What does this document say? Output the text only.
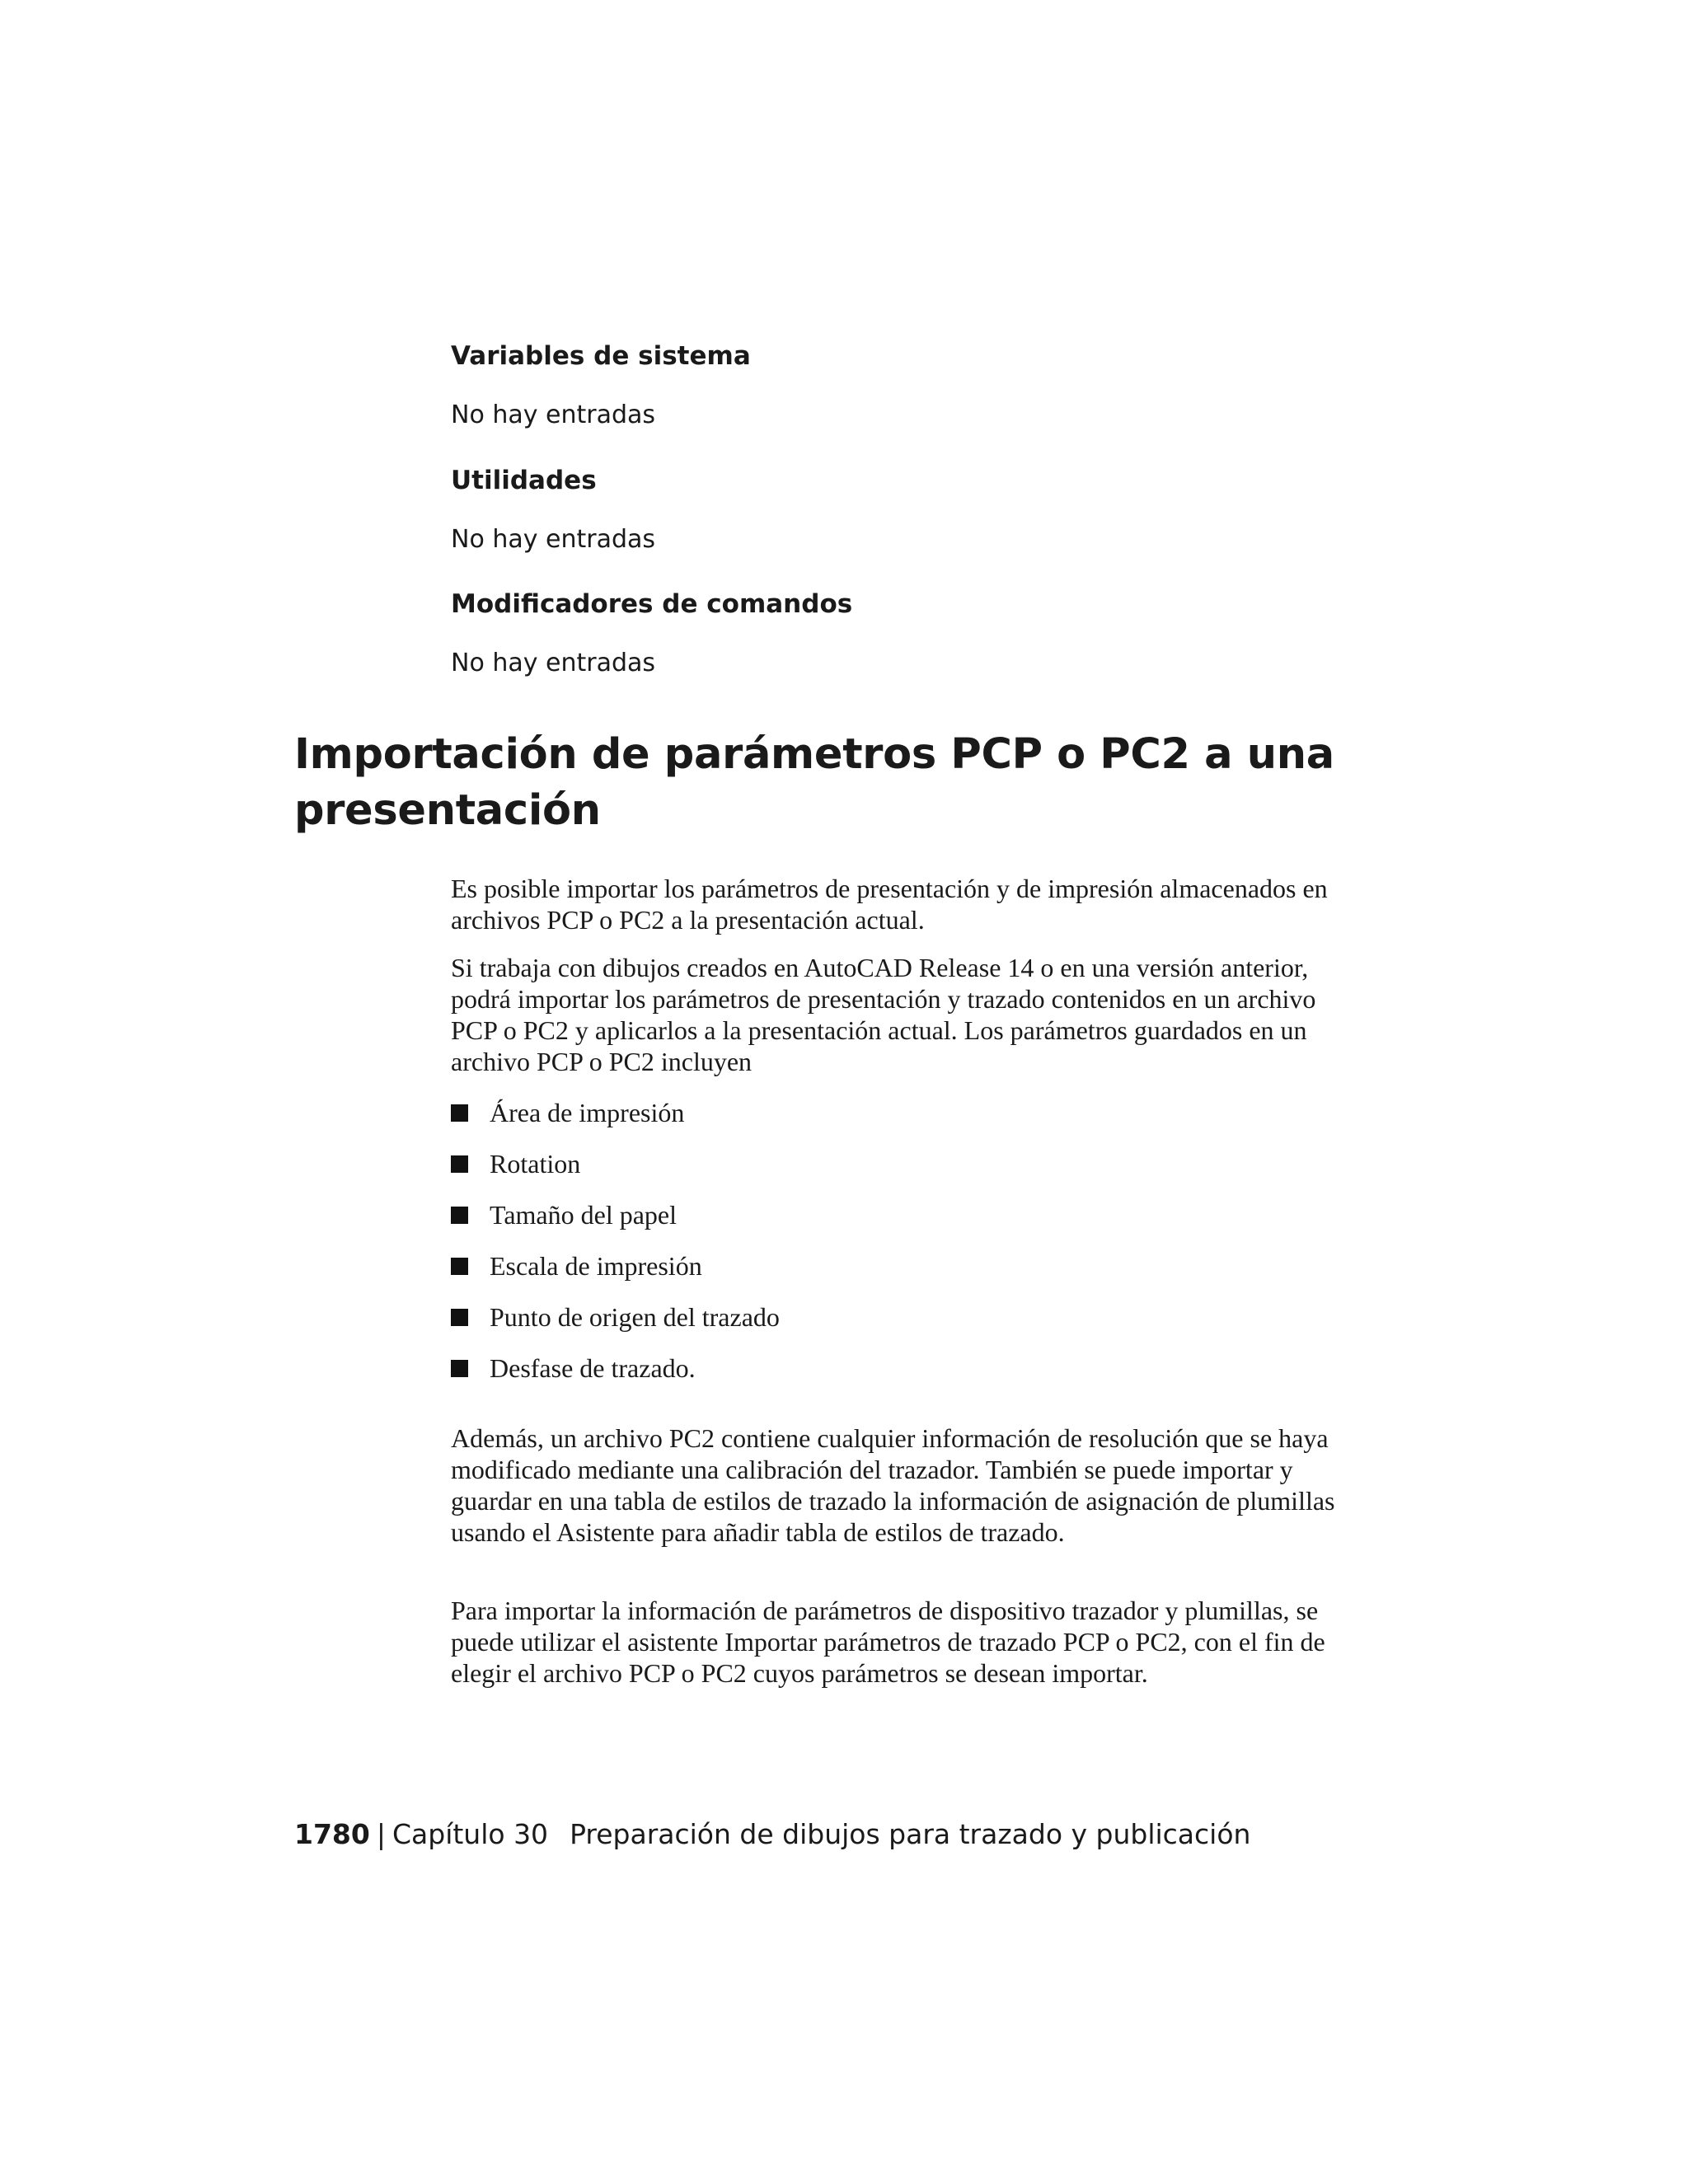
Variables de sistema

No hay entradas

Utilidades

No hay entradas

Modificadores de comandos

No hay entradas

Importación de parámetros PCP o PC2 a una presentación

Es posible importar los parámetros de presentación y de impresión almacenados en archivos PCP o PC2 a la presentación actual.

Si trabaja con dibujos creados en AutoCAD Release 14 o en una versión anterior, podrá importar los parámetros de presentación y trazado contenidos en un archivo PCP o PC2 y aplicarlos a la presentación actual. Los parámetros guardados en un archivo PCP o PC2 incluyen

Área de impresión
Rotation
Tamaño del papel
Escala de impresión
Punto de origen del trazado
Desfase de trazado.

Además, un archivo PC2 contiene cualquier información de resolución que se haya modificado mediante una calibración del trazador. También se puede importar y guardar en una tabla de estilos de trazado la información de asignación de plumillas usando el Asistente para añadir tabla de estilos de trazado.

Para importar la información de parámetros de dispositivo trazador y plumillas, se puede utilizar el asistente Importar parámetros de trazado PCP o PC2, con el fin de elegir el archivo PCP o PC2 cuyos parámetros se desean importar.

1780 | Capítulo 30 Preparación de dibujos para trazado y publicación
